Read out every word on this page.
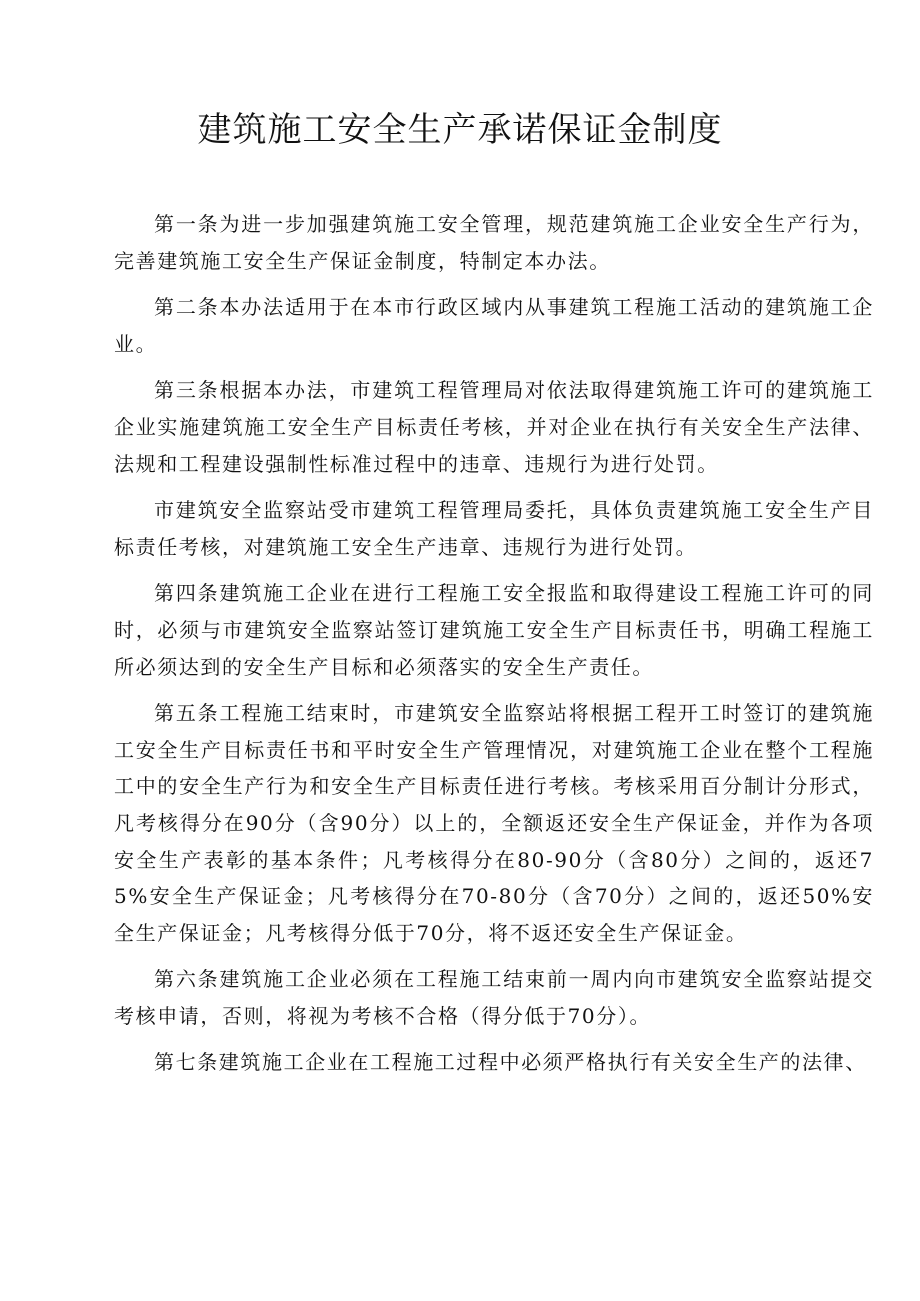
建筑施工安全生产承诺保证金制度

第一条为进一步加强建筑施工安全管理，规范建筑施工企业安全生产行为，完善建筑施工安全生产保证金制度，特制定本办法。

第二条本办法适用于在本市行政区域内从事建筑工程施工活动的建筑施工企业。

第三条根据本办法，市建筑工程管理局对依法取得建筑施工许可的建筑施工企业实施建筑施工安全生产目标责任考核，并对企业在执行有关安全生产法律、法规和工程建设强制性标准过程中的违章、违规行为进行处罚。

市建筑安全监察站受市建筑工程管理局委托，具体负责建筑施工安全生产目标责任考核，对建筑施工安全生产违章、违规行为进行处罚。

第四条建筑施工企业在进行工程施工安全报监和取得建设工程施工许可的同时，必须与市建筑安全监察站签订建筑施工安全生产目标责任书，明确工程施工所必须达到的安全生产目标和必须落实的安全生产责任。

第五条工程施工结束时，市建筑安全监察站将根据工程开工时签订的建筑施工安全生产目标责任书和平时安全生产管理情况，对建筑施工企业在整个工程施工中的安全生产行为和安全生产目标责任进行考核。考核采用百分制计分形式，凡考核得分在90分（含90分）以上的，全额返还安全生产保证金，并作为各项安全生产表彰的基本条件；凡考核得分在80-90分（含80分）之间的，返还75%安全生产保证金；凡考核得分在70-80分（含70分）之间的，返还50%安全生产保证金；凡考核得分低于70分，将不返还安全生产保证金。

第六条建筑施工企业必须在工程施工结束前一周内向市建筑安全监察站提交考核申请，否则，将视为考核不合格（得分低于70分）。

第七条建筑施工企业在工程施工过程中必须严格执行有关安全生产的法律、
